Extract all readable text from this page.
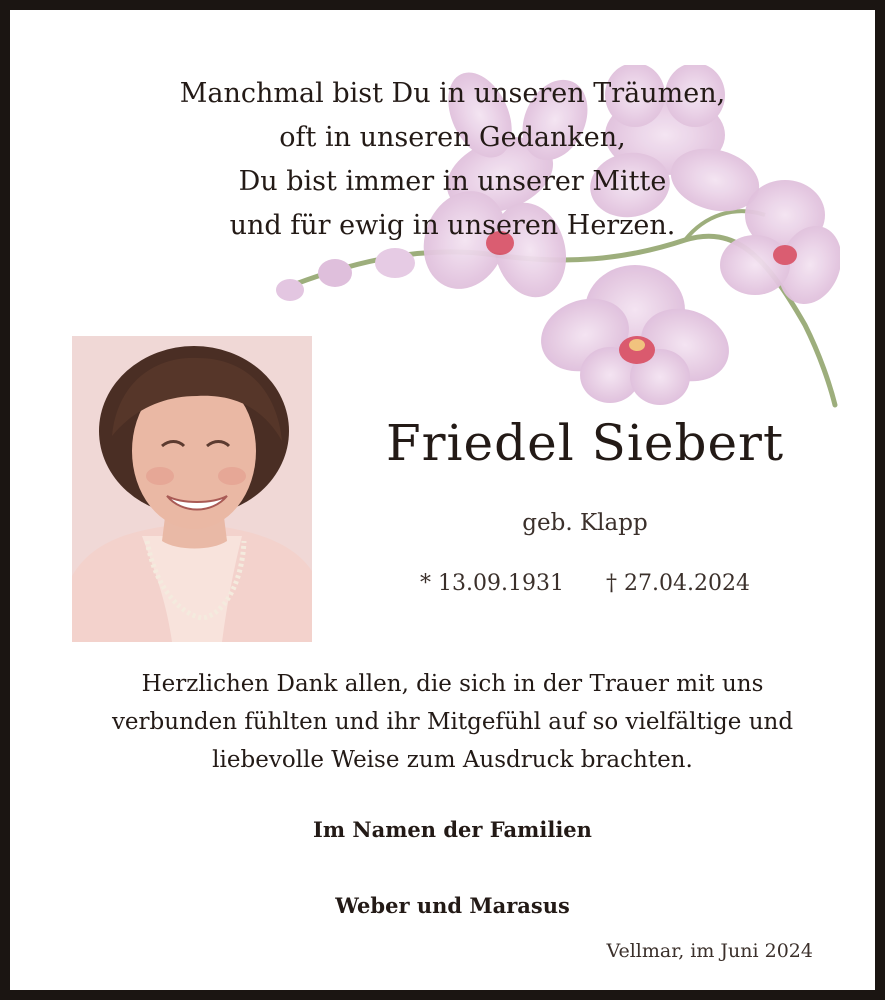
Manchmal bist Du in unseren Träumen,
oft in unseren Gedanken,
Du bist immer in unserer Mitte
und für ewig in unseren Herzen.
Friedel Siebert
geb. Klapp
* 13.09.1931 † 27.04.2024
Herzlichen Dank allen, die sich in der Trauer mit uns
verbunden fühlten und ihr Mitgefühl auf so vielfältige und
liebevolle Weise zum Ausdruck brachten.
Im Namen der Familien
Weber und Marasus
Vellmar, im Juni 2024
